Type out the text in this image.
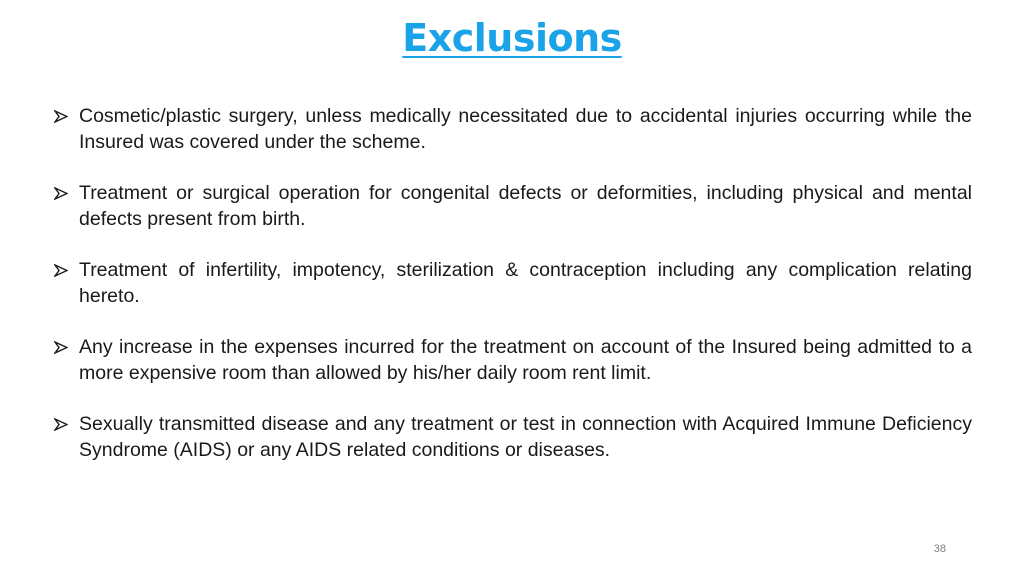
Exclusions
Cosmetic/plastic surgery, unless medically necessitated due to accidental injuries occurring while the Insured was covered under the scheme.
Treatment or surgical operation for congenital defects or deformities, including physical and mental defects present from birth.
Treatment of infertility, impotency, sterilization & contraception including any complication relating hereto.
Any increase in the expenses incurred for the treatment on account of the Insured being admitted to a more expensive room than allowed by his/her daily room rent limit.
Sexually transmitted disease and any treatment or test in connection with Acquired Immune Deficiency Syndrome (AIDS) or any AIDS related conditions or diseases.
38
